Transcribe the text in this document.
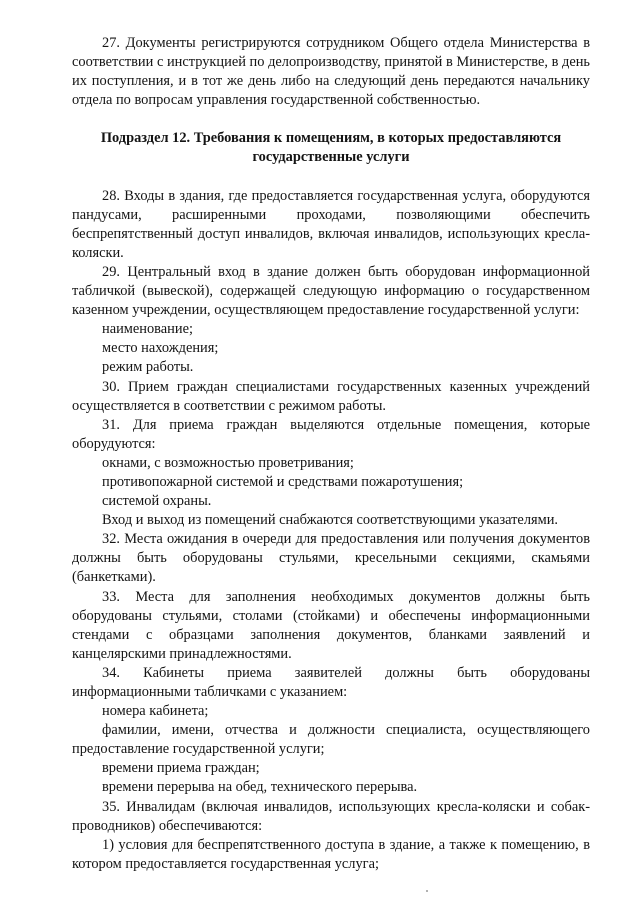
27. Документы регистрируются сотрудником Общего отдела Министерства в соответствии с инструкцией по делопроизводству, принятой в Министерстве, в день их поступления, и в тот же день либо на следующий день передаются начальнику отдела по вопросам управления государственной собственностью.

Подраздел 12. Требования к помещениям, в которых предоставляются государственные услуги

28. Входы в здания, где предоставляется государственная услуга, оборудуются пандусами, расширенными проходами, позволяющими обеспечить беспрепятственный доступ инвалидов, включая инвалидов, использующих кресла-коляски.

29. Центральный вход в здание должен быть оборудован информационной табличкой (вывеской), содержащей следующую информацию о государственном казенном учреждении, осуществляющем предоставление государственной услуги:

наименование;

место нахождения;

режим работы.

30. Прием граждан специалистами государственных казенных учреждений осуществляется в соответствии с режимом работы.

31. Для приема граждан выделяются отдельные помещения, которые оборудуются:

окнами, с возможностью проветривания;

противопожарной системой и средствами пожаротушения;

системой охраны.

Вход и выход из помещений снабжаются соответствующими указателями.

32. Места ожидания в очереди для предоставления или получения документов должны быть оборудованы стульями, кресельными секциями, скамьями (банкетками).

33. Места для заполнения необходимых документов должны быть оборудованы стульями, столами (стойками) и обеспечены информационными стендами с образцами заполнения документов, бланками заявлений и канцелярскими принадлежностями.

34. Кабинеты приема заявителей должны быть оборудованы информационными табличками с указанием:

номера кабинета;

фамилии, имени, отчества и должности специалиста, осуществляющего предоставление государственной услуги;

времени приема граждан;

времени перерыва на обед, технического перерыва.

35. Инвалидам (включая инвалидов, использующих кресла-коляски и собак-проводников) обеспечиваются:

1) условия для беспрепятственного доступа в здание, а также к помещению, в котором предоставляется государственная услуга;
